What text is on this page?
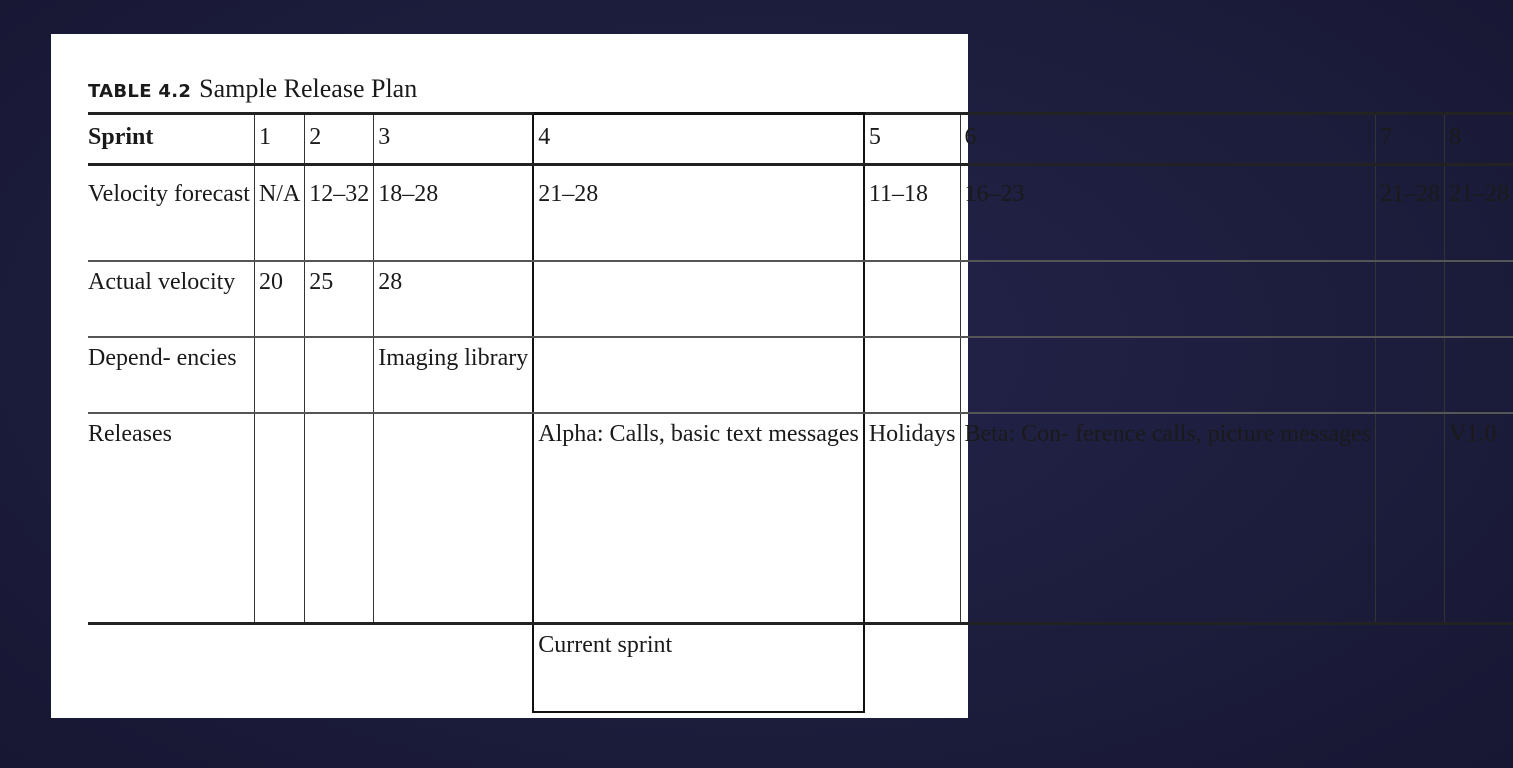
TABLE 4.2 Sample Release Plan
Sprint	1	2	3	4	5	6	7	8
Velocity forecast	N/A	12–32	18–28	21–28	11–18	16–23	21–28	21–28
Actual velocity	20	25	28					
Depend- encies			Imaging library					
Releases				Alpha: Calls, basic text messages	Holidays	Beta: Con- ference calls, picture messages		V1.0
				Current sprint				
